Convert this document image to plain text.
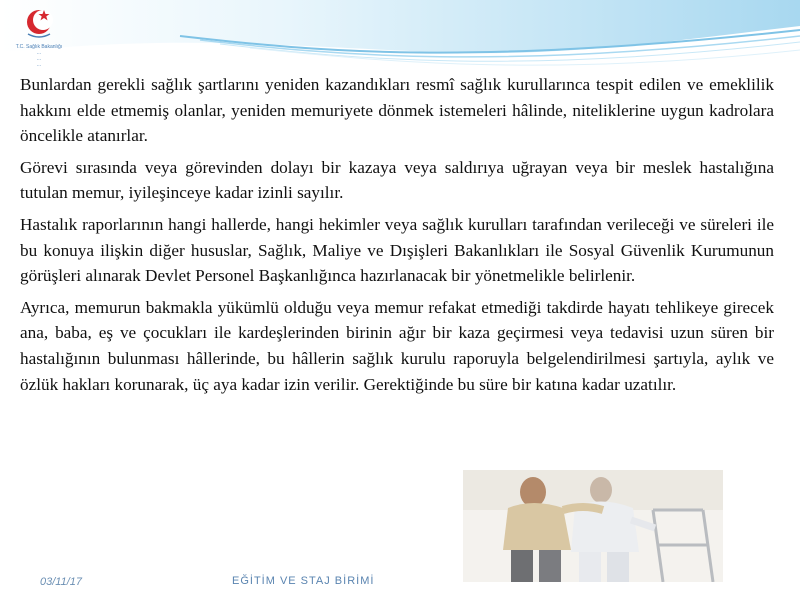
T.C. Sağlık Bakanlığı
...
...
...

Bunlardan gerekli sağlık şartlarını yeniden kazandıkları resmî sağlık kurullarınca tespit edilen ve emeklilik hakkını elde etmemiş olanlar, yeniden memuriyete dönmek istemeleri hâlinde, niteliklerine uygun kadrolara öncelikle atanırlar.

Görevi sırasında veya görevinden dolayı bir kazaya veya saldırıya uğrayan veya bir meslek hastalığına tutulan memur, iyileşinceye kadar izinli sayılır.

Hastalık raporlarının hangi hallerde, hangi hekimler veya sağlık kurulları tarafından verileceği ve süreleri ile bu konuya ilişkin diğer hususlar, Sağlık, Maliye ve Dışişleri Bakanlıkları ile Sosyal Güvenlik Kurumunun görüşleri alınarak Devlet Personel Başkanlığınca hazırlanacak bir yönetmelikle belirlenir.

Ayrıca, memurun bakmakla yükümlü olduğu veya memur refakat etmediği takdirde hayatı tehlikeye girecek ana, baba, eş ve çocukları ile kardeşlerinden birinin ağır bir kaza geçirmesi veya tedavisi uzun süren bir hastalığının bulunması hâllerinde, bu hâllerin sağlık kurulu raporuyla belgelendirilmesi şartıyla, aylık ve özlük hakları korunarak, üç aya kadar izin verilir. Gerektiğinde bu süre bir katına kadar uzatılır.

03/11/17	EĞİTİM VE STAJ BİRİMİ
